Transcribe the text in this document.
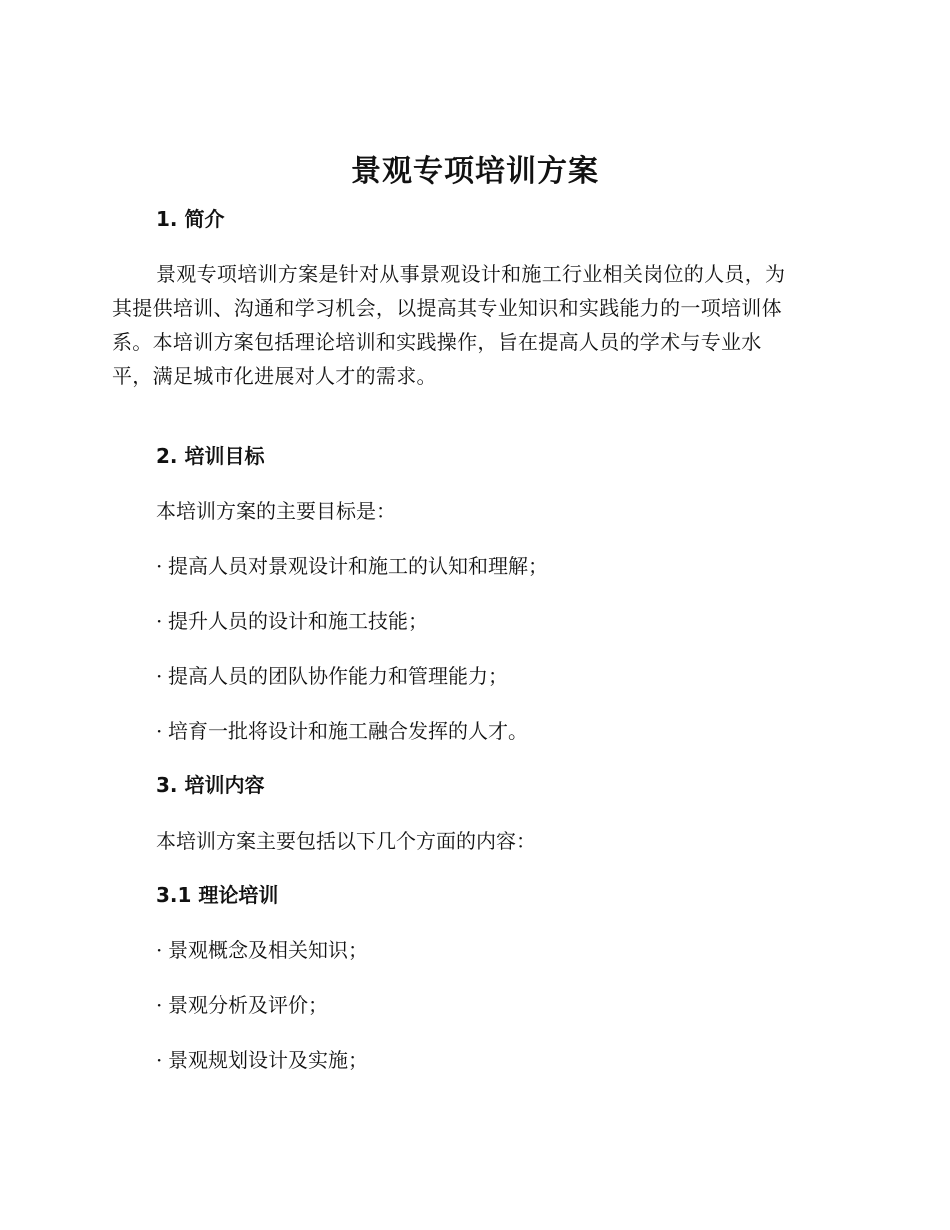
景观专项培训方案
1. 简介
景观专项培训方案是针对从事景观设计和施工行业相关岗位的人员，为
其提供培训、沟通和学习机会，以提高其专业知识和实践能力的一项培训体
系。本培训方案包括理论培训和实践操作，旨在提高人员的学术与专业水
平，满足城市化进展对人才的需求。
2. 培训目标
本培训方案的主要目标是：
· 提高人员对景观设计和施工的认知和理解；
· 提升人员的设计和施工技能；
· 提高人员的团队协作能力和管理能力；
· 培育一批将设计和施工融合发挥的人才。
3. 培训内容
本培训方案主要包括以下几个方面的内容：
3.1 理论培训
· 景观概念及相关知识；
· 景观分析及评价；
· 景观规划设计及实施；
